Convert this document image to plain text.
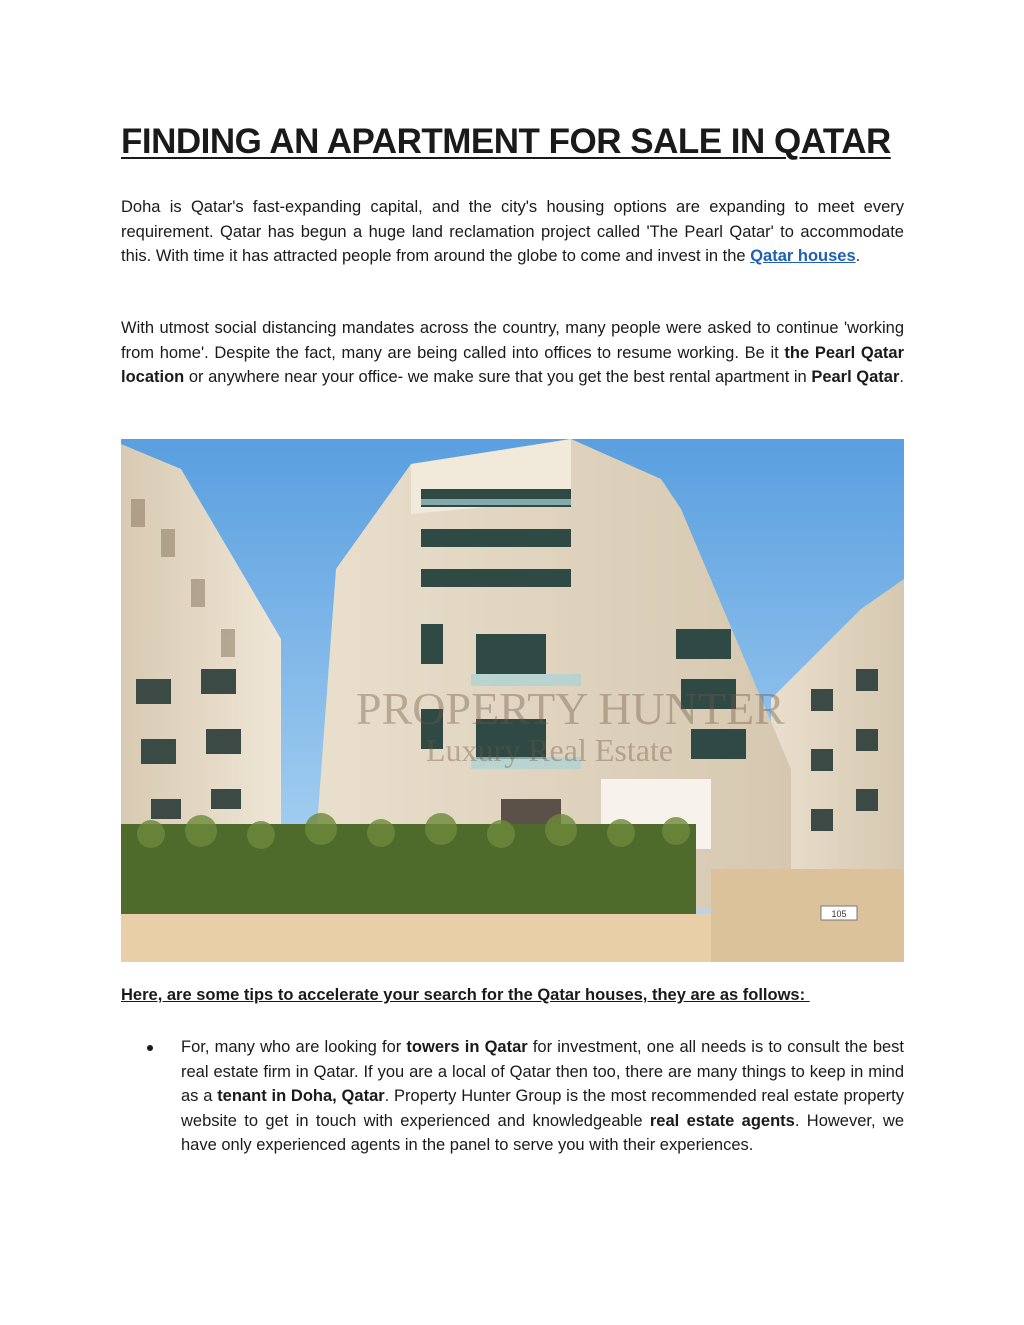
FINDING AN APARTMENT FOR SALE IN QATAR

Doha is Qatar's fast-expanding capital, and the city's housing options are expanding to meet every requirement. Qatar has begun a huge land reclamation project called 'The Pearl Qatar' to accommodate this. With time it has attracted people from around the globe to come and invest in the Qatar houses.

With utmost social distancing mandates across the country, many people were asked to continue 'working from home'. Despite the fact, many are being called into offices to resume working. Be it the Pearl Qatar location or anywhere near your office- we make sure that you get the best rental apartment in Pearl Qatar.

PROPERTY HUNTER
Luxury Real Estate
105

Here, are some tips to accelerate your search for the Qatar houses, they are as follows:

For, many who are looking for towers in Qatar for investment, one all needs is to consult the best real estate firm in Qatar. If you are a local of Qatar then too, there are many things to keep in mind as a tenant in Doha, Qatar. Property Hunter Group is the most recommended real estate property website to get in touch with experienced and knowledgeable real estate agents. However, we have only experienced agents in the panel to serve you with their experiences.
